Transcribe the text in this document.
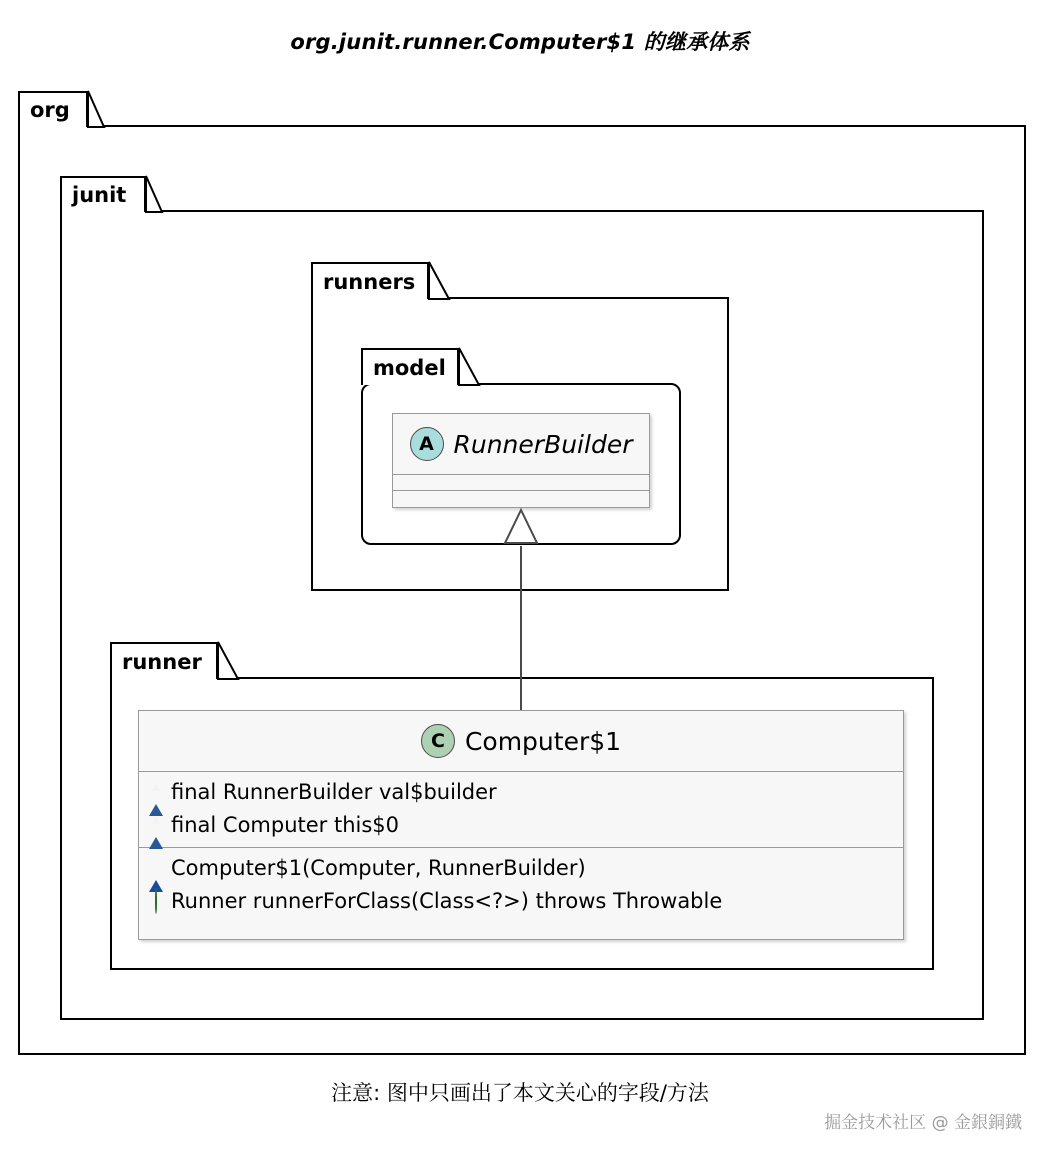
org.junit.runner.Computer$1 的继承体系
org
junit
runners
model
A RunnerBuilder
runner
C Computer$1
final RunnerBuilder val$builder
final Computer this$0
Computer$1(Computer, RunnerBuilder)
Runner runnerForClass(Class<?>) throws Throwable
注意: 图中只画出了本文关心的字段/方法
掘金技术社区 @ 金銀銅鐵
